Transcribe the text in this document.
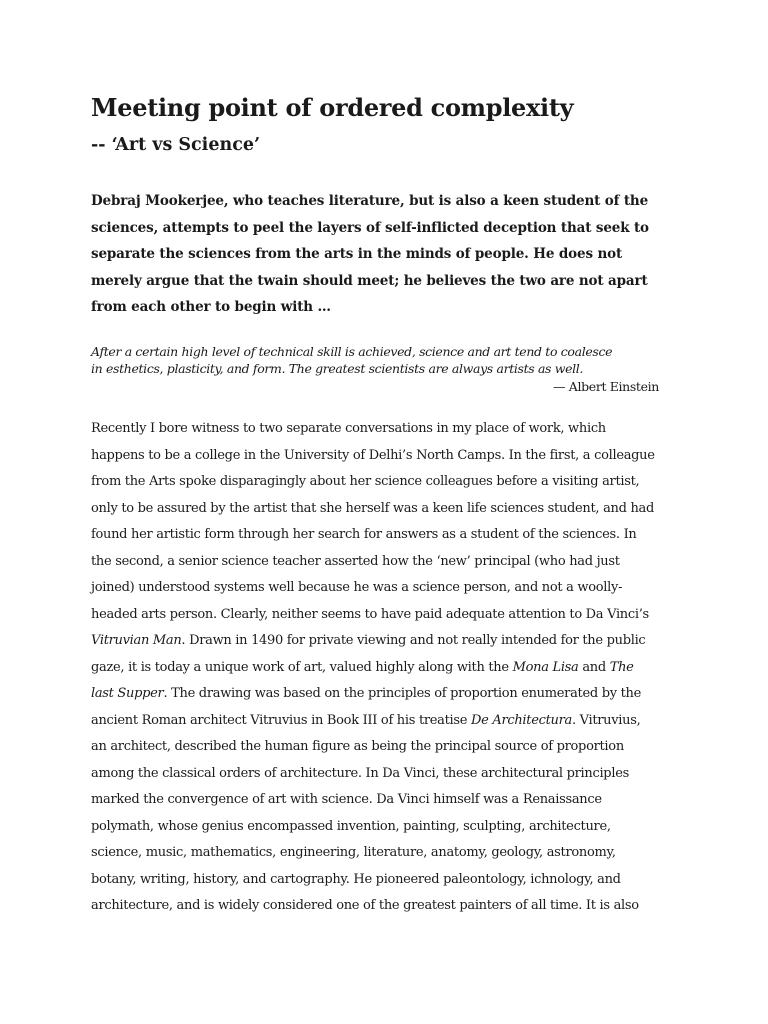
Meeting point of ordered complexity
-- ‘Art vs Science’

Debraj Mookerjee, who teaches literature, but is also a keen student of the
sciences, attempts to peel the layers of self-inflicted deception that seek to
separate the sciences from the arts in the minds of people. He does not
merely argue that the twain should meet; he believes the two are not apart
from each other to begin with …

After a certain high level of technical skill is achieved, science and art tend to coalesce
in esthetics, plasticity, and form. The greatest scientists are always artists as well.
— Albert Einstein
Recently I bore witness to two separate conversations in my place of work, which
happens to be a college in the University of Delhi’s North Camps. In the first, a colleague
from the Arts spoke disparagingly about her science colleagues before a visiting artist,
only to be assured by the artist that she herself was a keen life sciences student, and had
found her artistic form through her search for answers as a student of the sciences. In
the second, a senior science teacher asserted how the ‘new’ principal (who had just
joined) understood systems well because he was a science person, and not a woolly-
headed arts person. Clearly, neither seems to have paid adequate attention to Da Vinci’s
Vitruvian Man. Drawn in 1490 for private viewing and not really intended for the public
gaze, it is today a unique work of art, valued highly along with the Mona Lisa and The
last Supper. The drawing was based on the principles of proportion enumerated by the
ancient Roman architect Vitruvius in Book III of his treatise De Architectura. Vitruvius,
an architect, described the human figure as being the principal source of proportion
among the classical orders of architecture. In Da Vinci, these architectural principles
marked the convergence of art with science. Da Vinci himself was a Renaissance
polymath, whose genius encompassed invention, painting, sculpting, architecture,
science, music, mathematics, engineering, literature, anatomy, geology, astronomy,
botany, writing, history, and cartography. He pioneered paleontology, ichnology, and
architecture, and is widely considered one of the greatest painters of all time. It is also
